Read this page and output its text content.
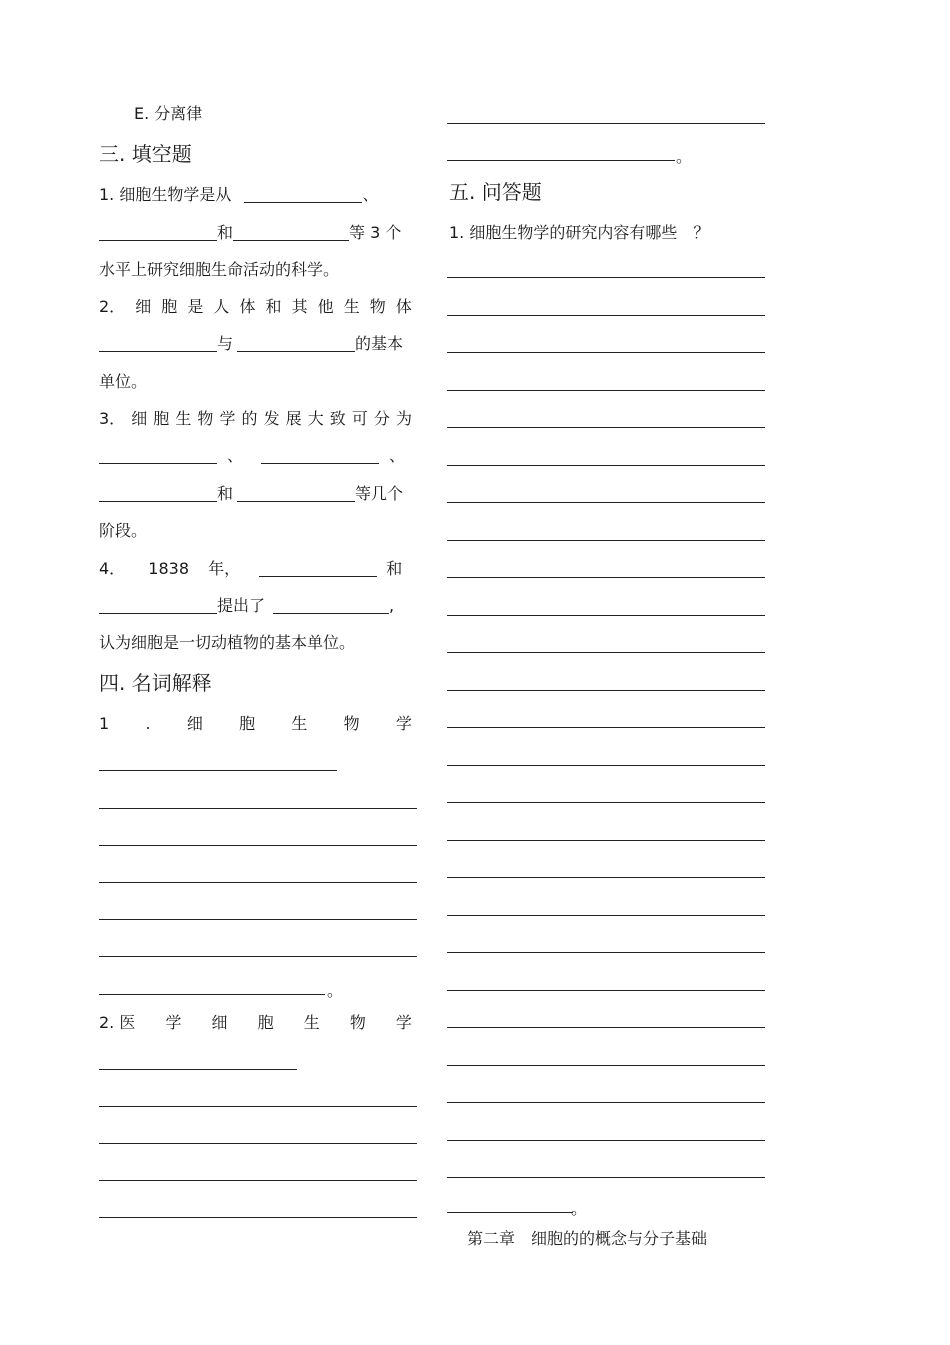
E. 分离律
三. 填空题
1. 细胞生物学是从	、
和	等 3 个
水平上研究细胞生命活动的科学。
2． 细 胞 是 人 体 和 其 他 生 物 体
与	的基本
单位。
3． 细 胞 生 物 学 的 发 展 大 致 可 分 为
、	、
和	等几个
阶段。
4． 1838 年，	和
提出了	,
认为细胞是一切动植物的基本单位。
四. 名词解释
1 . 细 胞 生 物 学
。
2. 医 学 细 胞 生 物 学
。
五. 问答题
1. 细胞生物学的研究内容有哪些 ？
。
第二章　细胞的的概念与分子基础
